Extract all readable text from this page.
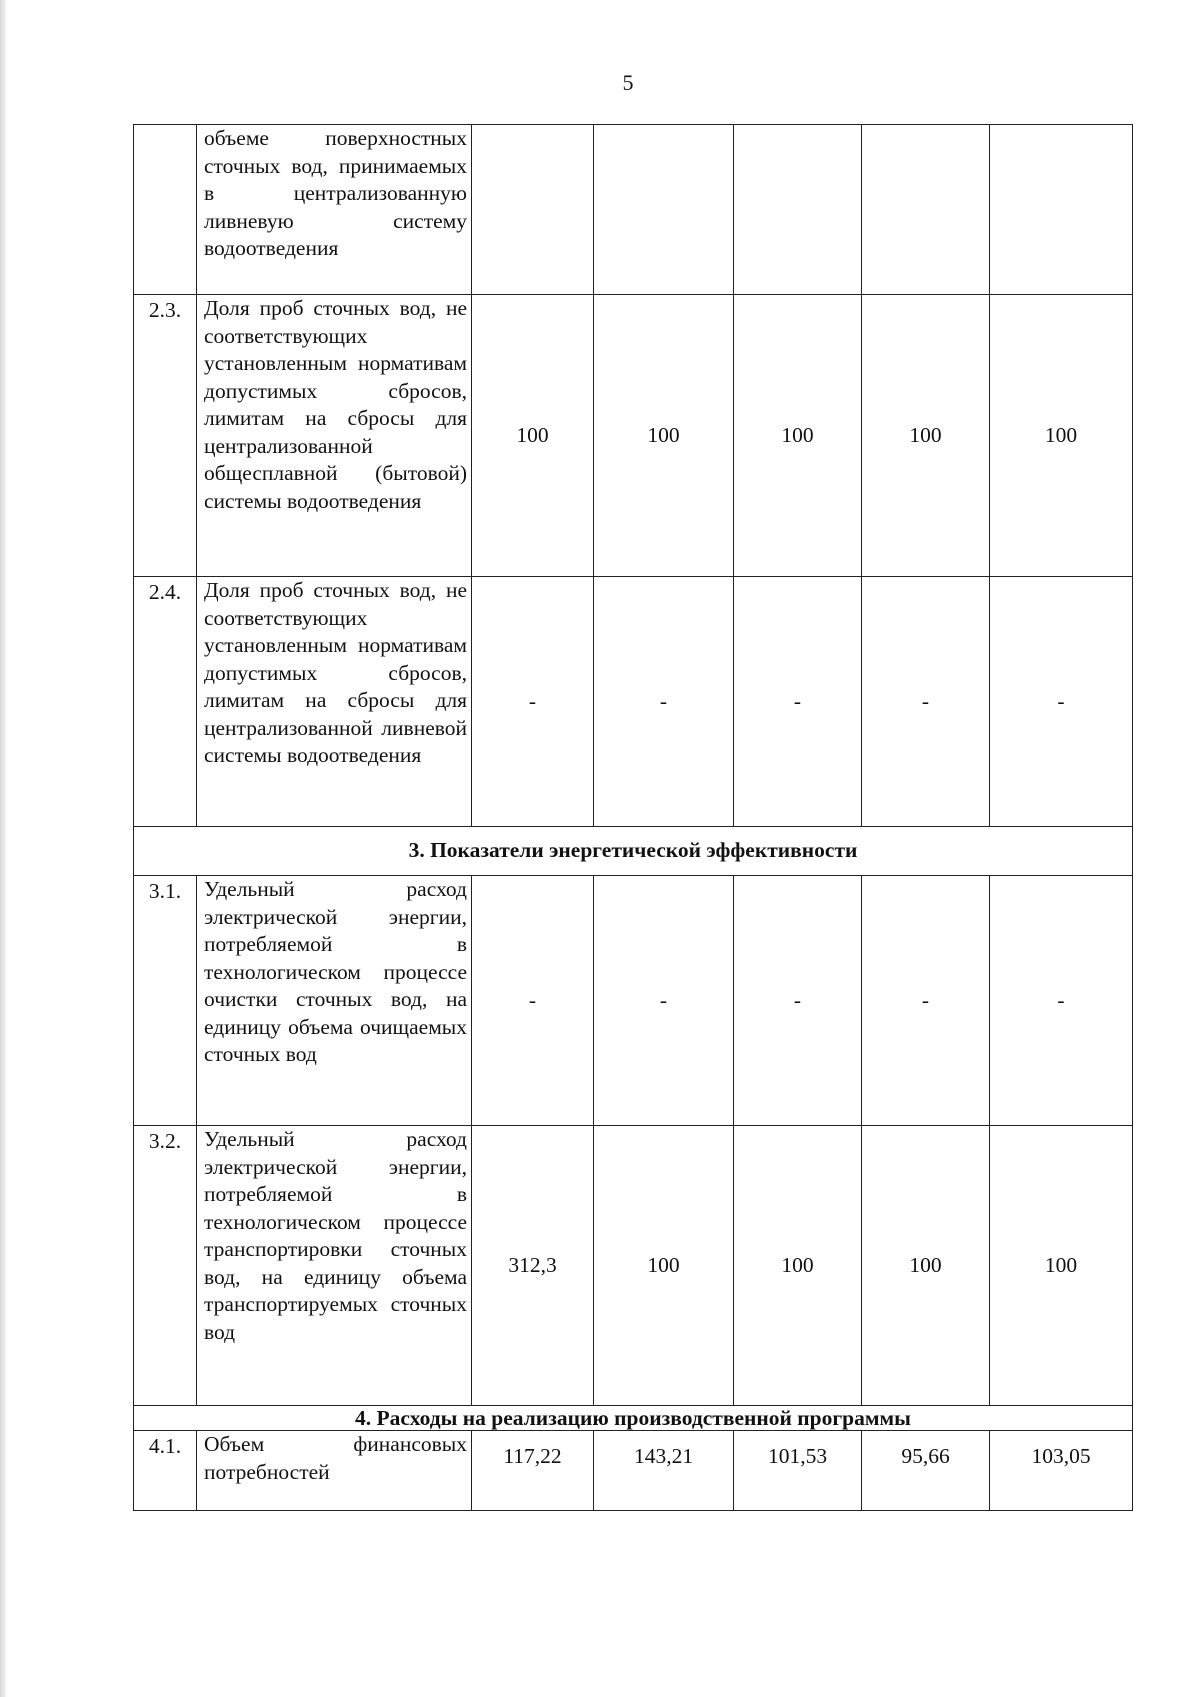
5
	объеме поверхностных сточных вод, принимаемых в централизованную ливневую систему водоотведения					
2.3.	Доля проб сточных вод, не соответствующих установленным нормативам допустимых сбросов, лимитам на сбросы для централизованной общесплавной (бытовой) системы водоотведения	100	100	100	100	100
2.4.	Доля проб сточных вод, не соответствующих установленным нормативам допустимых сбросов, лимитам на сбросы для централизованной ливневой системы водоотведения	-	-	-	-	-
3. Показатели энергетической эффективности						
3.1.	Удельный расход электрической энергии, потребляемой в технологическом процессе очистки сточных вод, на единицу объема очищаемых сточных вод	-	-	-	-	-
3.2.	Удельный расход электрической энергии, потребляемой в технологическом процессе транспортировки сточных вод, на единицу объема транспортируемых сточных вод	312,3	100	100	100	100
4. Расходы на реализацию производственной программы						
4.1.	Объем финансовых потребностей	117,22	143,21	101,53	95,66	103,05
